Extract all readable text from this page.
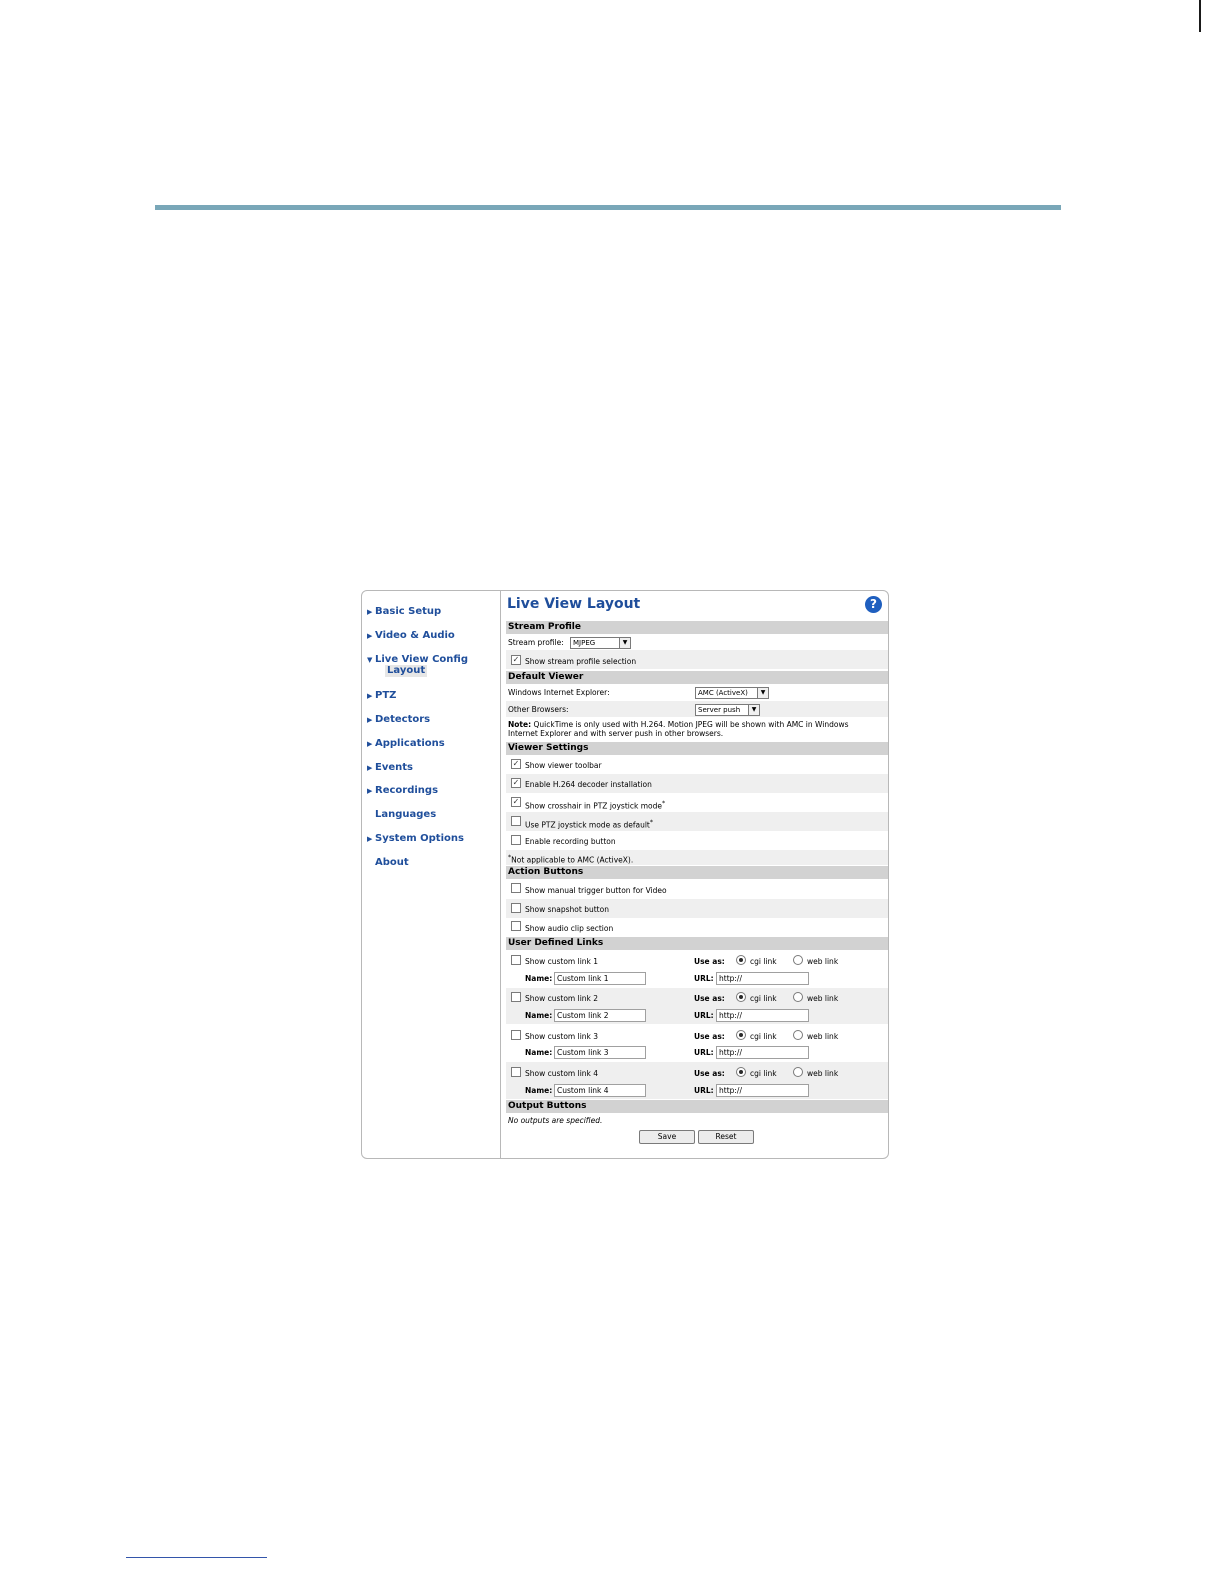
▶ Basic Setup
▶ Video & Audio
▼ Live View Config
Layout
▶ PTZ
▶ Detectors
▶ Applications
▶ Events
▶ Recordings
Languages
▶ System Options
About
Live View Layout	?
Stream Profile
Stream profile:	MJPEG	▼
✓ Show stream profile selection
Default Viewer
Windows Internet Explorer:	AMC (ActiveX)	▼
Other Browsers:	Server push	▼
Note: QuickTime is only used with H.264. Motion JPEG will be shown with AMC in Windows
Internet Explorer and with server push in other browsers.
Viewer Settings
✓ Show viewer toolbar
✓ Enable H.264 decoder installation
✓ Show crosshair in PTZ joystick mode*
Use PTZ joystick mode as default*
Enable recording button
*Not applicable to AMC (ActiveX).
Action Buttons
Show manual trigger button for Video
Show snapshot button
Show audio clip section
User Defined Links
Show custom link 1	Use as:	cgi link	web link
Name: Custom link 1	URL: http://
Show custom link 2	Use as:	cgi link	web link
Name: Custom link 2	URL: http://
Show custom link 3	Use as:	cgi link	web link
Name: Custom link 3	URL: http://
Show custom link 4	Use as:	cgi link	web link
Name: Custom link 4	URL: http://
Output Buttons
No outputs are specified.
Save	Reset
